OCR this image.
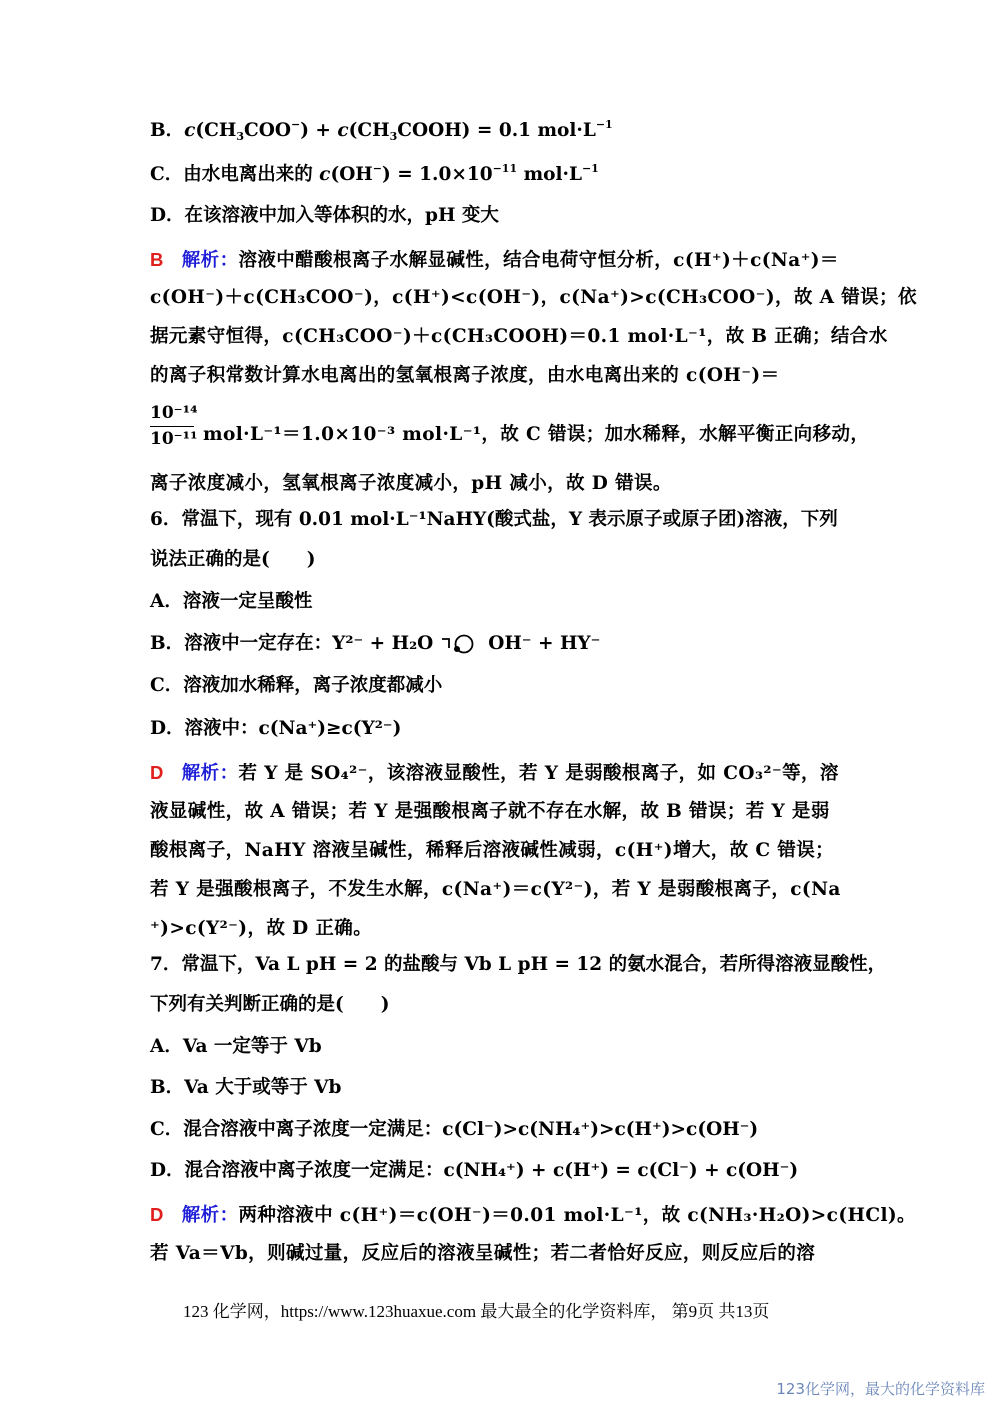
B．$c(CH_3COO^-)$ + $c(CH_3COOH) = 0.1$ $mol\cdot L^{-1}$
C．由水电离出来的 $c(OH^-) = 1.0\times 10^{-11}$ $mol\cdot L^{-1}$
D．在该溶液中加入等体积的水，pH 变大
B 解析：溶液中醋酸根离子水解显碱性，结合电荷守恒分析，c(H⁺)＋c(Na⁺)＝
c(OH⁻)＋c(CH₃COO⁻)，c(H⁺)<c(OH⁻)，c(Na⁺)>c(CH₃COO⁻)，故 A 错误；依
据元素守恒得，c(CH₃COO⁻)＋c(CH₃COOH)＝0.1 mol·L⁻¹，故 B 正确；结合水
的离子积常数计算水电离出的氢氧根离子浓度，由水电离出来的 c(OH⁻)＝
10⁻¹⁴
10⁻¹¹ mol·L⁻¹＝1.0×10⁻³ mol·L⁻¹，故 C 错误；加水稀释，水解平衡正向移动，
离子浓度减小，氢氧根离子浓度减小，pH 减小，故 D 错误。
6．常温下，现有 0.01 mol·L⁻¹NaHY(酸式盐，Y 表示原子或原子团)溶液，下列
说法正确的是(　　)
A．溶液一定呈酸性
B．溶液中一定存在：Y²⁻ + H₂O	OH⁻ + HY⁻
C．溶液加水稀释，离子浓度都减小
D．溶液中：c(Na⁺)≥c(Y²⁻)
D 解析：若 Y 是 SO₄²⁻，该溶液显酸性，若 Y 是弱酸根离子，如 CO₃²⁻等，溶
液显碱性，故 A 错误；若 Y 是强酸根离子就不存在水解，故 B 错误；若 Y 是弱
酸根离子，NaHY 溶液呈碱性，稀释后溶液碱性减弱，c(H⁺)增大，故 C 错误；
若 Y 是强酸根离子，不发生水解，c(Na⁺)＝c(Y²⁻)，若 Y 是弱酸根离子，c(Na
⁺)>c(Y²⁻)，故 D 正确。
7．常温下，Va L pH = 2 的盐酸与 Vb L pH = 12 的氨水混合，若所得溶液显酸性，
下列有关判断正确的是(　　)
A．Va 一定等于 Vb
B．Va 大于或等于 Vb
C．混合溶液中离子浓度一定满足：c(Cl⁻)>c(NH₄⁺)>c(H⁺)>c(OH⁻)
D．混合溶液中离子浓度一定满足：c(NH₄⁺) + c(H⁺) = c(Cl⁻) + c(OH⁻)
D 解析：两种溶液中 c(H⁺)＝c(OH⁻)＝0.01 mol·L⁻¹，故 c(NH₃·H₂O)>c(HCl)。
若 Va＝Vb，则碱过量，反应后的溶液呈碱性；若二者恰好反应，则反应后的溶
123 化学网，https://www.123huaxue.com 最大最全的化学资料库， 第9页 共13页
123化学网，最大的化学资料库
